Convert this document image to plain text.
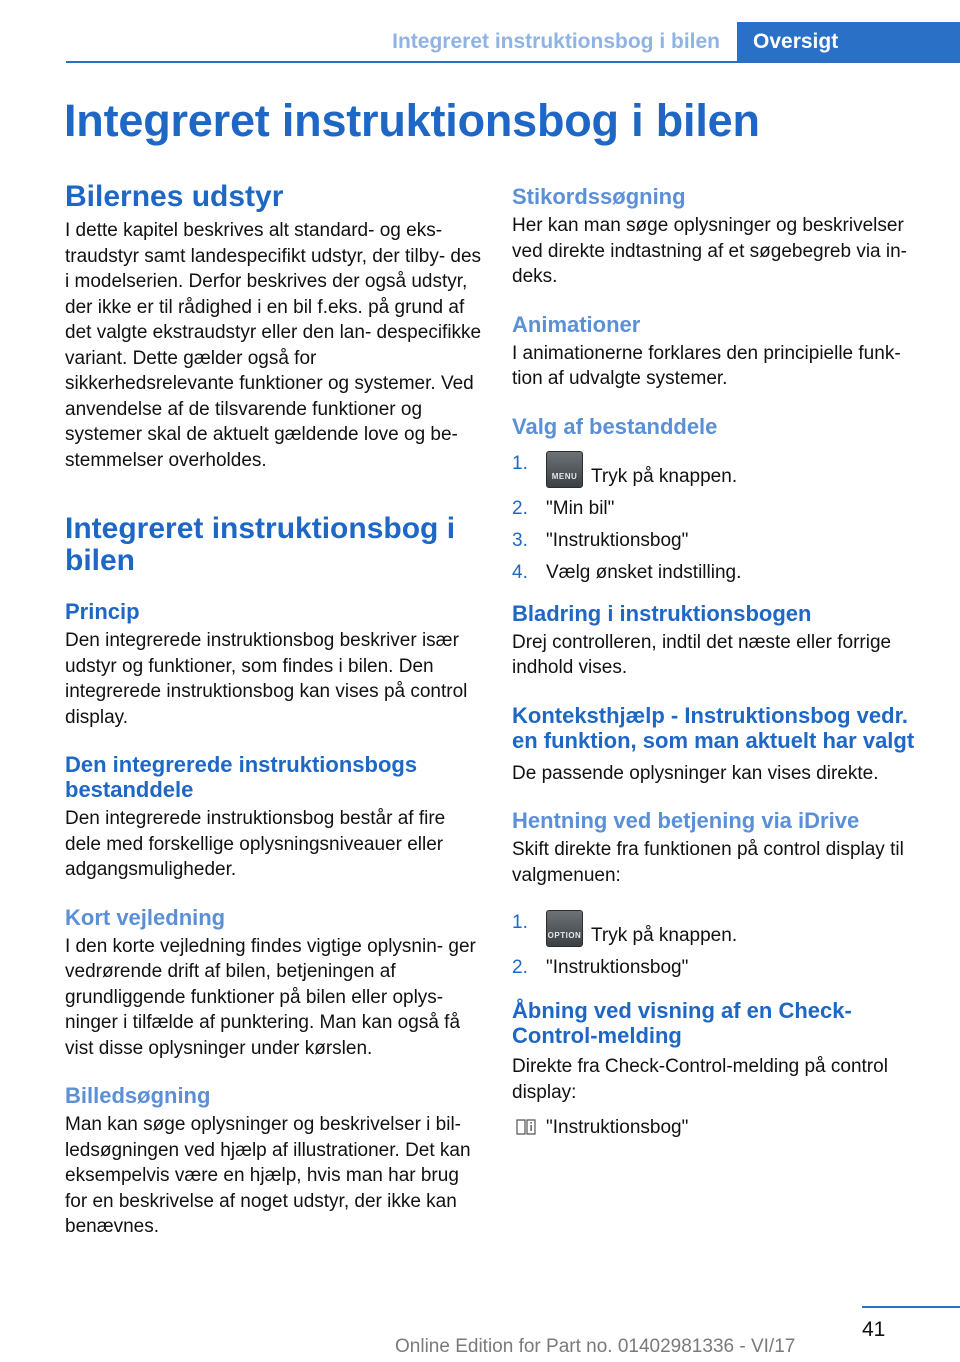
Integreret instruktionsbog i bilen	Oversigt
Integreret instruktionsbog i bilen
Bilernes udstyr

I dette kapitel beskrives alt standard- og eks- traudstyr samt landespecifikt udstyr, der tilby- des i modelserien. Derfor beskrives der også udstyr, der ikke er til rådighed i en bil f.eks. på grund af det valgte ekstraudstyr eller den lan- despecifikke variant. Dette gælder også for sikkerhedsrelevante funktioner og systemer. Ved anvendelse af de tilsvarende funktioner og systemer skal de aktuelt gældende love og be- stemmelser overholdes.

Integreret instruktionsbog i bilen
Princip

Den integrerede instruktionsbog beskriver især udstyr og funktioner, som findes i bilen. Den integrerede instruktionsbog kan vises på control display.

Den integrerede instruktionsbogs bestanddele

Den integrerede instruktionsbog består af fire dele med forskellige oplysningsniveauer eller adgangsmuligheder.

Kort vejledning

I den korte vejledning findes vigtige oplysnin- ger vedrørende drift af bilen, betjeningen af grundliggende funktioner på bilen eller oplys- ninger i tilfælde af punktering. Man kan også få vist disse oplysninger under kørslen.

Billedsøgning

Man kan søge oplysninger og beskrivelser i bil- ledsøgningen ved hjælp af illustrationer. Det kan eksempelvis være en hjælp, hvis man har brug for en beskrivelse af noget udstyr, der ikke kan benævnes.

Stikordssøgning

Her kan man søge oplysninger og beskrivelser ved direkte indtastning af et søgebegreb via in- deks.

Animationer

I animationerne forklares den principielle funk- tion af udvalgte systemer.

Valg af bestanddele
1.
MENU Tryk på knappen.
2. "Min bil"
3. "Instruktionsbog"
4. Vælg ønsket indstilling.
Bladring i instruktionsbogen

Drej controlleren, indtil det næste eller forrige indhold vises.

Konteksthjælp - Instruktionsbog vedr. en funktion, som man aktuelt har valgt

De passende oplysninger kan vises direkte.

Hentning ved betjening via iDrive

Skift direkte fra funktionen på control display til valgmenuen:

1.
OPTION Tryk på knappen.
2. "Instruktionsbog"
Åbning ved visning af en Check- Control-melding

Direkte fra Check-Control-melding på control display:

"Instruktionsbog"
41
Online Edition for Part no. 01402981336 - VI/17
